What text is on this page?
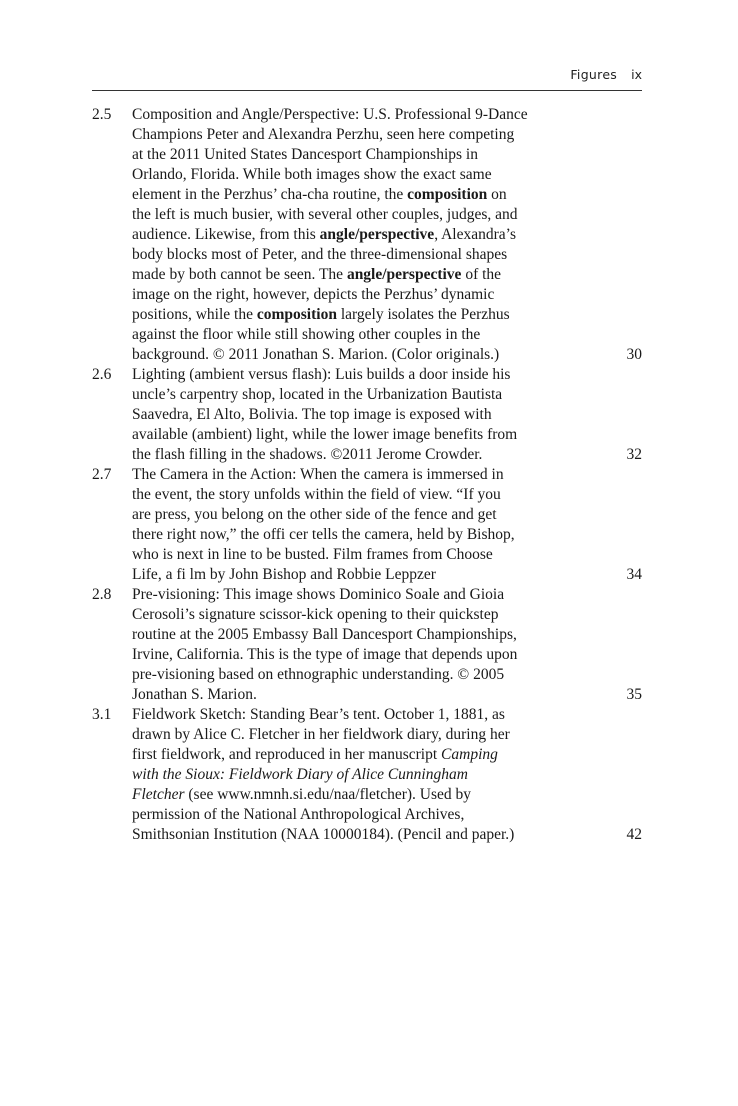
Figures ix
2.5	Composition and Angle/Perspective: U.S. Professional 9-Dance
Champions Peter and Alexandra Perzhu, seen here competing
at the 2011 United States Dancesport Championships in
Orlando, Florida. While both images show the exact same
element in the Perzhus’ cha-cha routine, the composition on
the left is much busier, with several other couples, judges, and
audience. Likewise, from this angle/perspective, Alexandra’s
body blocks most of Peter, and the three-dimensional shapes
made by both cannot be seen. The angle/perspective of the
image on the right, however, depicts the Perzhus’ dynamic
positions, while the composition largely isolates the Perzhus
against the floor while still showing other couples in the
background. © 2011 Jonathan S. Marion. (Color originals.)	30
2.6	Lighting (ambient versus flash): Luis builds a door inside his
uncle’s carpentry shop, located in the Urbanization Bautista
Saavedra, El Alto, Bolivia. The top image is exposed with
available (ambient) light, while the lower image benefits from
the flash filling in the shadows. ©2011 Jerome Crowder.	32
2.7	The Camera in the Action: When the camera is immersed in
the event, the story unfolds within the field of view. “If you
are press, you belong on the other side of the fence and get
there right now,” the offi cer tells the camera, held by Bishop,
who is next in line to be busted. Film frames from Choose
Life, a fi lm by John Bishop and Robbie Leppzer	34
2.8	Pre-visioning: This image shows Dominico Soale and Gioia
Cerosoli’s signature scissor-kick opening to their quickstep
routine at the 2005 Embassy Ball Dancesport Championships,
Irvine, California. This is the type of image that depends upon
pre-visioning based on ethnographic understanding. © 2005
Jonathan S. Marion.	35
3.1	Fieldwork Sketch: Standing Bear’s tent. October 1, 1881, as
drawn by Alice C. Fletcher in her fieldwork diary, during her
first fieldwork, and reproduced in her manuscript Camping
with the Sioux: Fieldwork Diary of Alice Cunningham
Fletcher (see www.nmnh.si.edu/naa/fletcher). Used by
permission of the National Anthropological Archives,
Smithsonian Institution (NAA 10000184). (Pencil and paper.)	42
